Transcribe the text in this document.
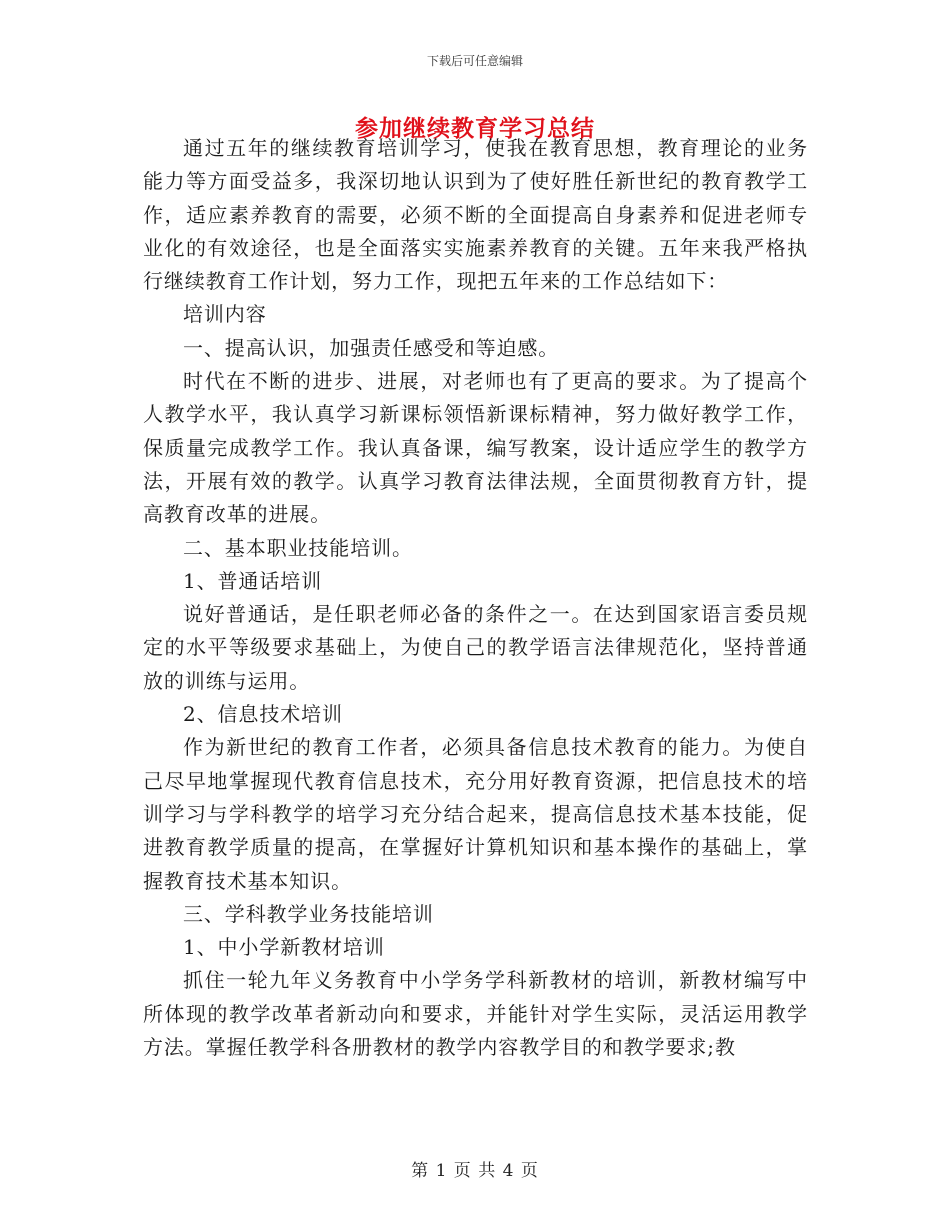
下载后可任意编辑
参加继续教育学习总结

通过五年的继续教育培训学习，使我在教育思想，教育理论的业务能力等方面受益多，我深切地认识到为了使好胜任新世纪的教育教学工作，适应素养教育的需要，必须不断的全面提高自身素养和促进老师专业化的有效途径，也是全面落实实施素养教育的关键。五年来我严格执行继续教育工作计划，努力工作，现把五年来的工作总结如下：

培训内容

一、提高认识，加强责任感受和等迫感。

时代在不断的进步、进展，对老师也有了更高的要求。为了提高个人教学水平，我认真学习新课标领悟新课标精神，努力做好教学工作，保质量完成教学工作。我认真备课，编写教案，设计适应学生的教学方法，开展有效的教学。认真学习教育法律法规，全面贯彻教育方针，提高教育改革的进展。

二、基本职业技能培训。

1、普通话培训

说好普通话，是任职老师必备的条件之一。在达到国家语言委员规定的水平等级要求基础上，为使自己的教学语言法律规范化，坚持普通放的训练与运用。

2、信息技术培训

作为新世纪的教育工作者，必须具备信息技术教育的能力。为使自己尽早地掌握现代教育信息技术，充分用好教育资源，把信息技术的培训学习与学科教学的培学习充分结合起来，提高信息技术基本技能，促进教育教学质量的提高，在掌握好计算机知识和基本操作的基础上，掌握教育技术基本知识。

三、学科教学业务技能培训

1、中小学新教材培训

抓住一轮九年义务教育中小学务学科新教材的培训，新教材编写中所体现的教学改革者新动向和要求，并能针对学生实际，灵活运用教学方法。掌握任教学科各册教材的教学内容教学目的和教学要求;教

第 1 页 共 4 页
